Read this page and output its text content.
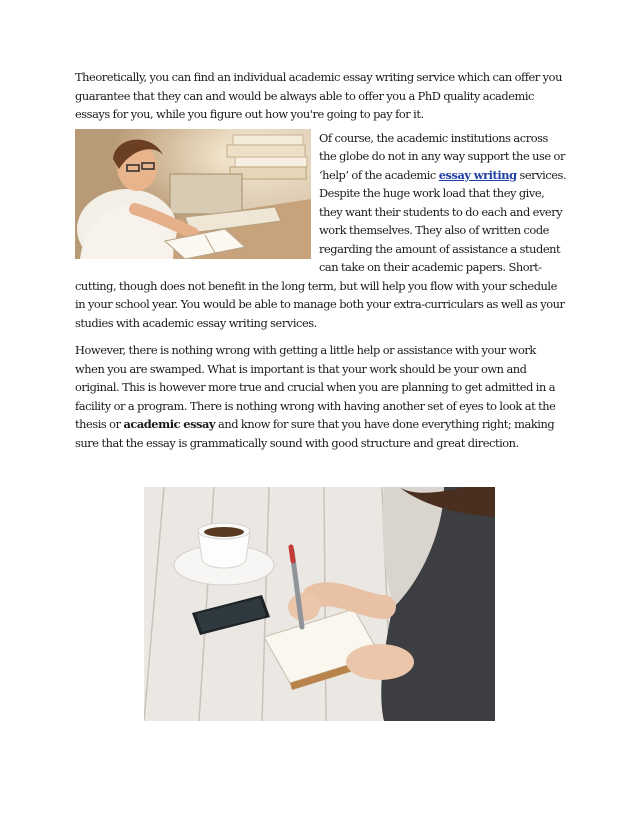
Theoretically, you can find an individual academic essay writing service which can offer you guarantee that they can and would be always able to offer you a PhD quality academic essays for you, while you figure out how you're going to pay for it.

Of course, the academic institutions across the globe do not in any way support the use or ‘help’ of the academic essay writing services. Despite the huge work load that they give, they want their students to do each and every work themselves. They also of written code regarding the amount of assistance a student can take on their academic papers. Short-cutting, though does not benefit in the long term, but will help you flow with your schedule in your school year. You would be able to manage both your extra-curriculars as well as your studies with academic essay writing services.

However, there is nothing wrong with getting a little help or assistance with your work when you are swamped. What is important is that your work should be your own and original. This is however more true and crucial when you are planning to get admitted in a facility or a program. There is nothing wrong with having another set of eyes to look at the thesis or academic essay and know for sure that you have done everything right; making sure that the essay is grammatically sound with good structure and great direction.
